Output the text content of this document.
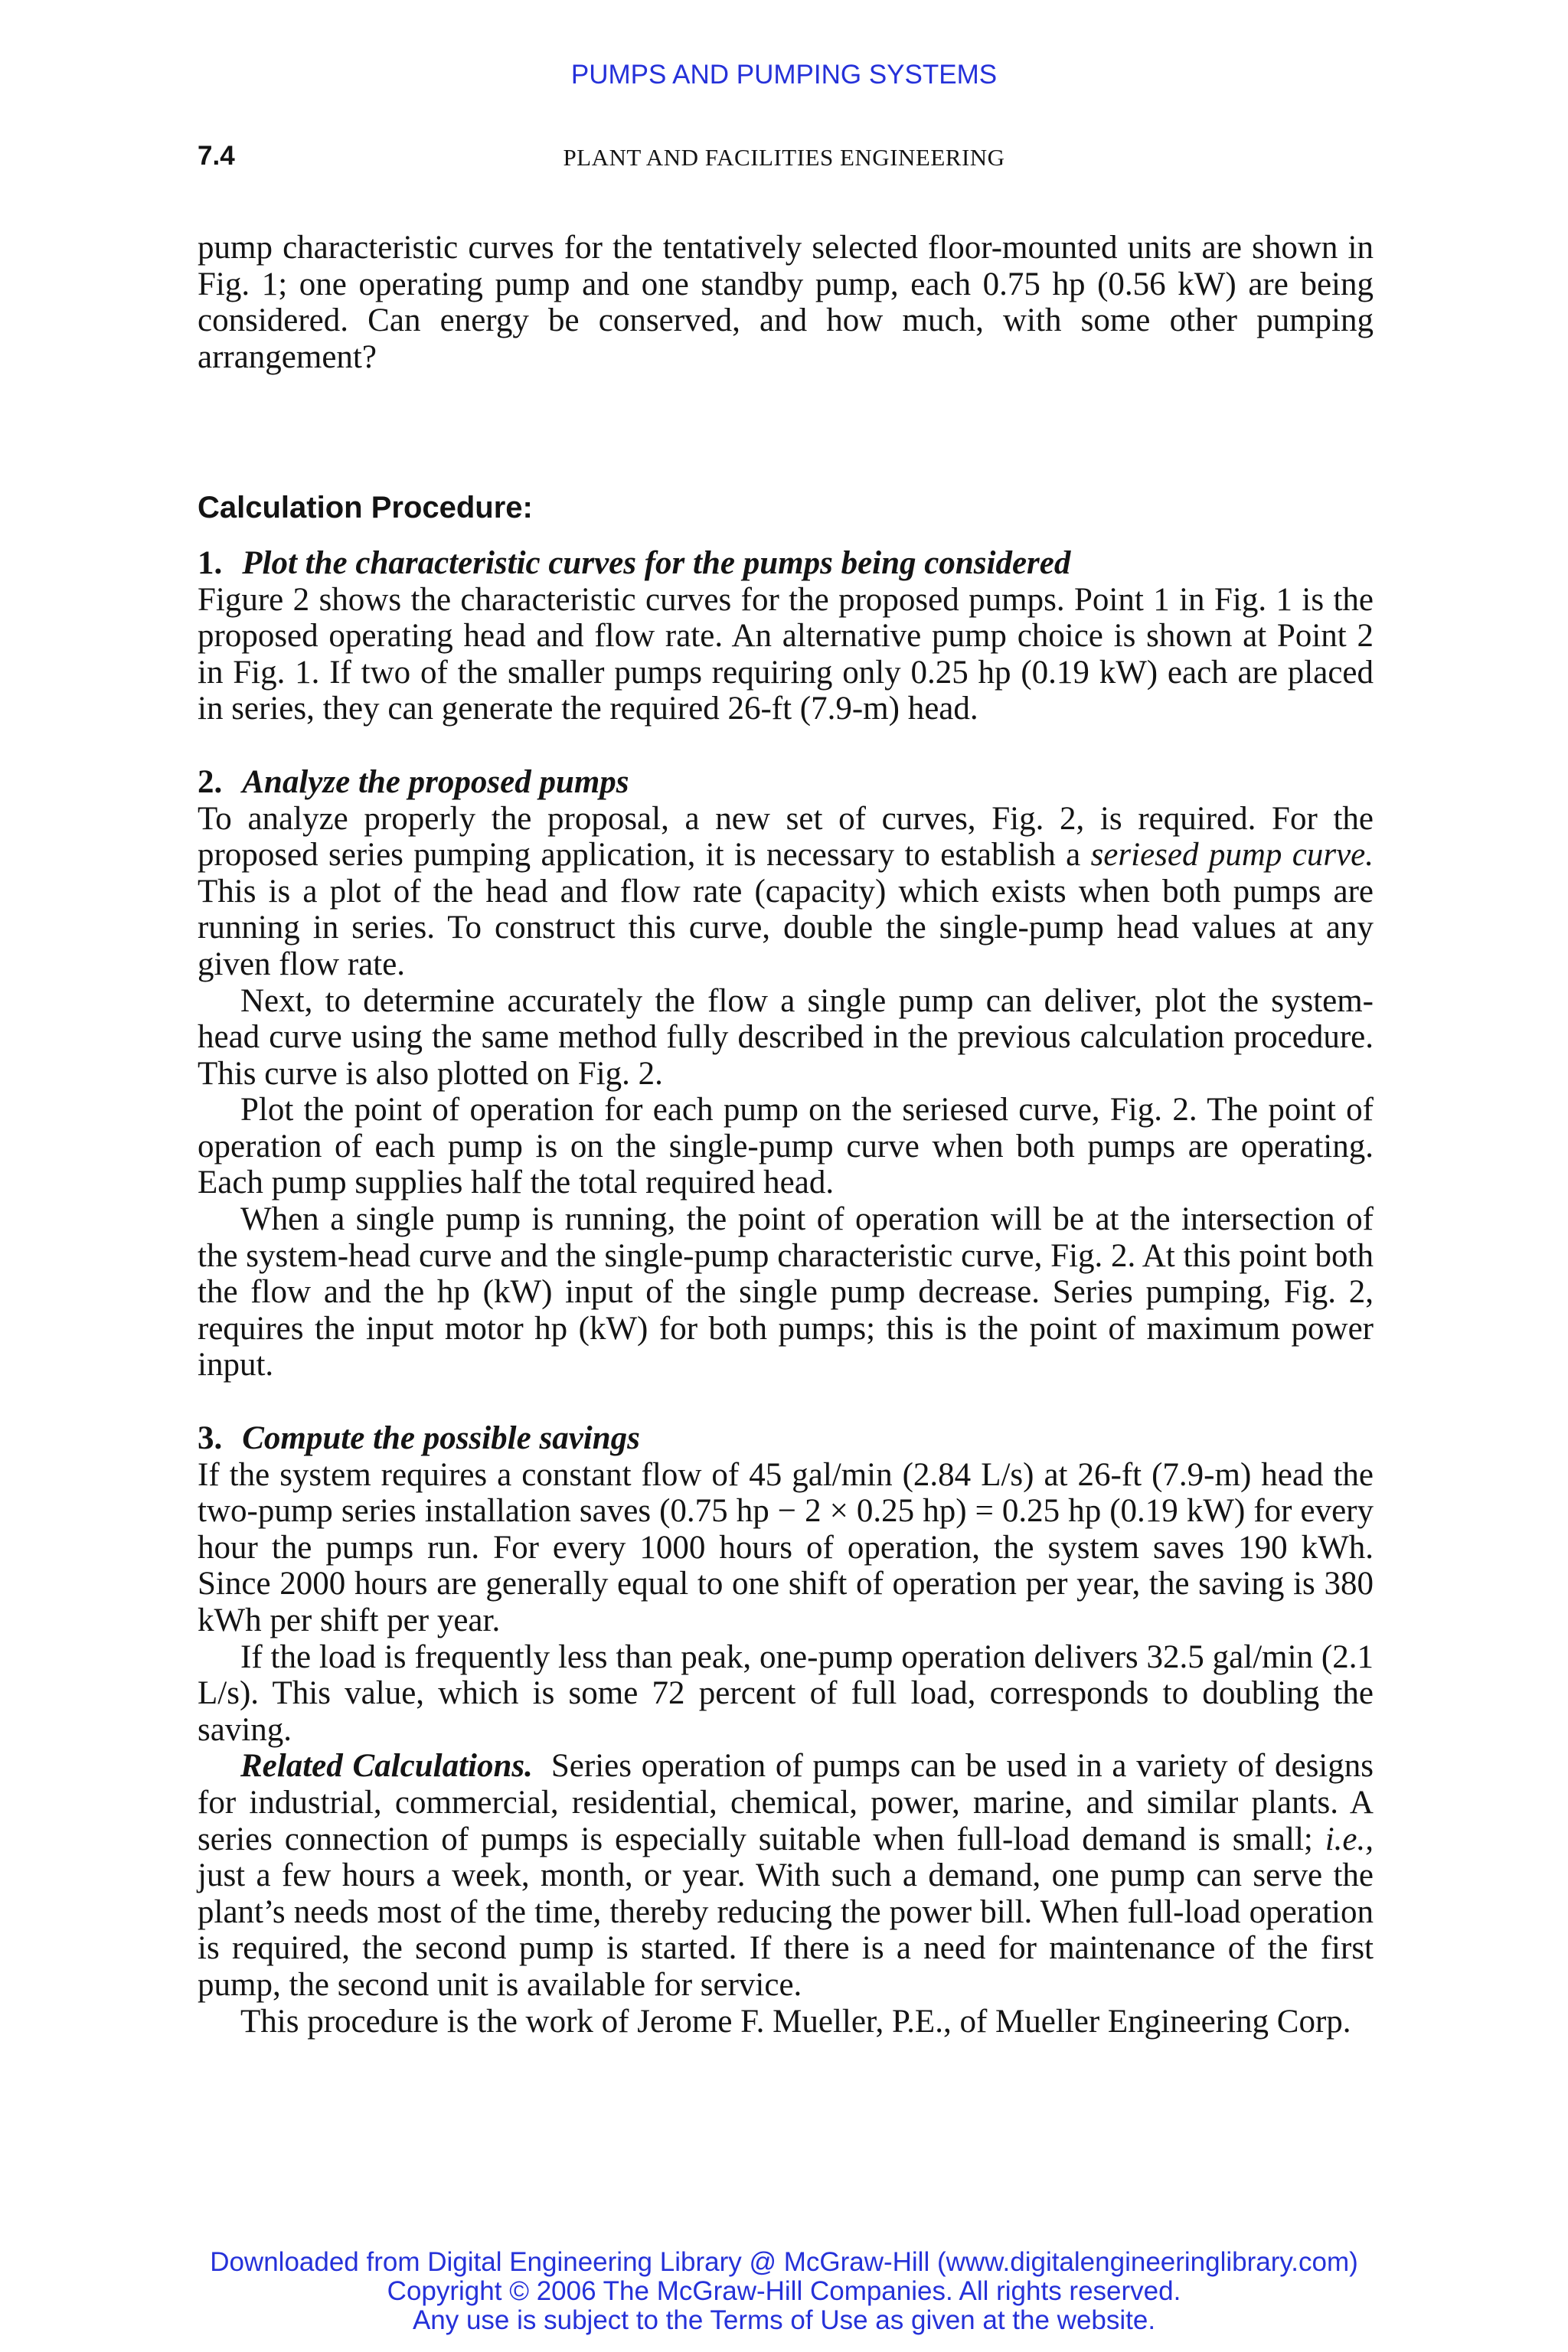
PUMPS AND PUMPING SYSTEMS
7.4	PLANT AND FACILITIES ENGINEERING

pump characteristic curves for the tentatively selected floor-mounted units are shown in Fig. 1; one operating pump and one standby pump, each 0.75 hp (0.56 kW) are being considered. Can energy be conserved, and how much, with some other pumping arrangement?

Calculation Procedure:

1. Plot the characteristic curves for the pumps being considered

Figure 2 shows the characteristic curves for the proposed pumps. Point 1 in Fig. 1 is the proposed operating head and flow rate. An alternative pump choice is shown at Point 2 in Fig. 1. If two of the smaller pumps requiring only 0.25 hp (0.19 kW) each are placed in series, they can generate the required 26-ft (7.9-m) head.

2. Analyze the proposed pumps

To analyze properly the proposal, a new set of curves, Fig. 2, is required. For the proposed series pumping application, it is necessary to establish a seriesed pump curve. This is a plot of the head and flow rate (capacity) which exists when both pumps are running in series. To construct this curve, double the single-pump head values at any given flow rate.

Next, to determine accurately the flow a single pump can deliver, plot the system-head curve using the same method fully described in the previous calculation procedure. This curve is also plotted on Fig. 2.

Plot the point of operation for each pump on the seriesed curve, Fig. 2. The point of operation of each pump is on the single-pump curve when both pumps are operating. Each pump supplies half the total required head.

When a single pump is running, the point of operation will be at the intersection of the system-head curve and the single-pump characteristic curve, Fig. 2. At this point both the flow and the hp (kW) input of the single pump decrease. Series pumping, Fig. 2, requires the input motor hp (kW) for both pumps; this is the point of maximum power input.

3. Compute the possible savings

If the system requires a constant flow of 45 gal/min (2.84 L/s) at 26-ft (7.9-m) head the two-pump series installation saves (0.75 hp − 2 × 0.25 hp) = 0.25 hp (0.19 kW) for every hour the pumps run. For every 1000 hours of operation, the system saves 190 kWh. Since 2000 hours are generally equal to one shift of operation per year, the saving is 380 kWh per shift per year.

If the load is frequently less than peak, one-pump operation delivers 32.5 gal/min (2.1 L/s). This value, which is some 72 percent of full load, corresponds to doubling the saving.

Related Calculations. Series operation of pumps can be used in a variety of designs for industrial, commercial, residential, chemical, power, marine, and similar plants. A series connection of pumps is especially suitable when full-load demand is small; i.e., just a few hours a week, month, or year. With such a demand, one pump can serve the plant’s needs most of the time, thereby reducing the power bill. When full-load operation is required, the second pump is started. If there is a need for maintenance of the first pump, the second unit is available for service.

This procedure is the work of Jerome F. Mueller, P.E., of Mueller Engineering Corp.

Downloaded from Digital Engineering Library @ McGraw-Hill (www.digitalengineeringlibrary.com)
Copyright © 2006 The McGraw-Hill Companies. All rights reserved.
Any use is subject to the Terms of Use as given at the website.
